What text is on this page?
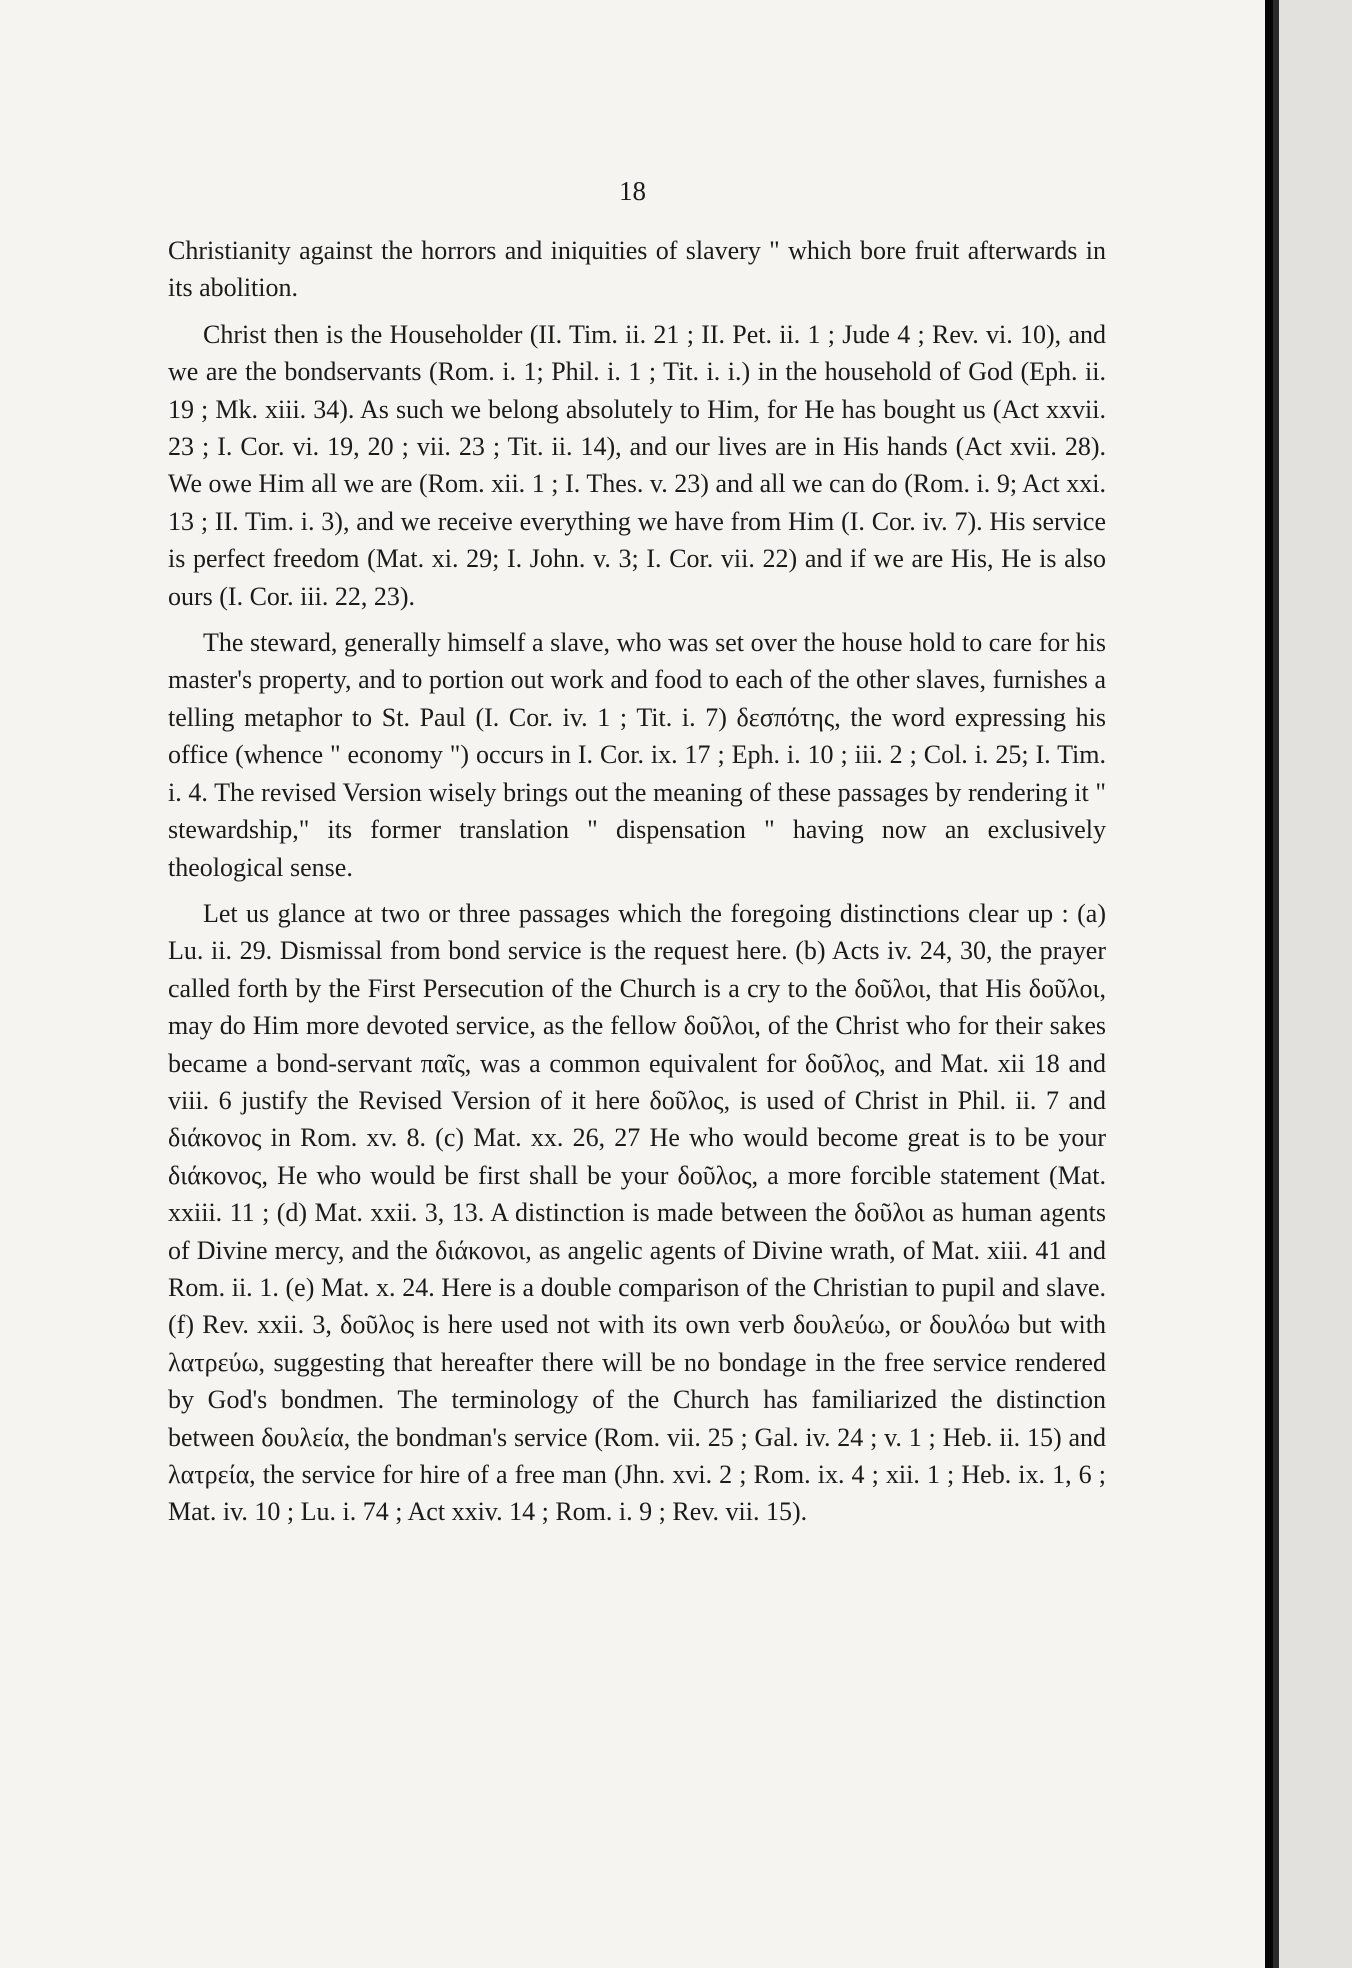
18

Christianity against the horrors and iniquities of slavery " which bore fruit afterwards in its abolition.

Christ then is the Householder (II. Tim. ii. 21 ; II. Pet. ii. 1 ; Jude 4 ; Rev. vi. 10), and we are the bondservants (Rom. i. 1; Phil. i. 1 ; Tit. i. i.) in the household of God (Eph. ii. 19 ; Mk. xiii. 34). As such we belong absolutely to Him, for He has bought us (Act xxvii. 23 ; I. Cor. vi. 19, 20 ; vii. 23 ; Tit. ii. 14), and our lives are in His hands (Act xvii. 28). We owe Him all we are (Rom. xii. 1 ; I. Thes. v. 23) and all we can do (Rom. i. 9; Act xxi. 13 ; II. Tim. i. 3), and we receive everything we have from Him (I. Cor. iv. 7). His service is perfect freedom (Mat. xi. 29; I. John. v. 3; I. Cor. vii. 22) and if we are His, He is also ours (I. Cor. iii. 22, 23).

The steward, generally himself a slave, who was set over the house hold to care for his master's property, and to portion out work and food to each of the other slaves, furnishes a telling metaphor to St. Paul (I. Cor. iv. 1 ; Tit. i. 7) δεσπότης, the word expressing his office (whence " economy ") occurs in I. Cor. ix. 17 ; Eph. i. 10 ; iii. 2 ; Col. i. 25; I. Tim. i. 4. The revised Version wisely brings out the meaning of these passages by rendering it " stewardship," its former translation " dispensation " having now an exclusively theological sense.

Let us glance at two or three passages which the foregoing distinctions clear up : (a) Lu. ii. 29. Dismissal from bond service is the request here. (b) Acts iv. 24, 30, the prayer called forth by the First Persecution of the Church is a cry to the δοῦλοι, that His δοῦλοι, may do Him more devoted service, as the fellow δοῦλοι, of the Christ who for their sakes became a bond-servant παῖς, was a common equivalent for δοῦλος, and Mat. xii 18 and viii. 6 justify the Revised Version of it here δοῦλος, is used of Christ in Phil. ii. 7 and διάκονος in Rom. xv. 8. (c) Mat. xx. 26, 27 He who would become great is to be your διάκονος, He who would be first shall be your δοῦλος, a more forcible statement (Mat. xxiii. 11 ; (d) Mat. xxii. 3, 13. A distinction is made between the δοῦλοι as human agents of Divine mercy, and the διάκονοι, as angelic agents of Divine wrath, of Mat. xiii. 41 and Rom. ii. 1. (e) Mat. x. 24. Here is a double comparison of the Christian to pupil and slave. (f) Rev. xxii. 3, δοῦλος is here used not with its own verb δουλεύω, or δουλόω but with λατρεύω, suggesting that hereafter there will be no bondage in the free service rendered by God's bondmen. The terminology of the Church has familiarized the distinction between δουλεία, the bondman's service (Rom. vii. 25 ; Gal. iv. 24 ; v. 1 ; Heb. ii. 15) and λατρεία, the service for hire of a free man (Jhn. xvi. 2 ; Rom. ix. 4 ; xii. 1 ; Heb. ix. 1, 6 ; Mat. iv. 10 ; Lu. i. 74 ; Act xxiv. 14 ; Rom. i. 9 ; Rev. vii. 15).
